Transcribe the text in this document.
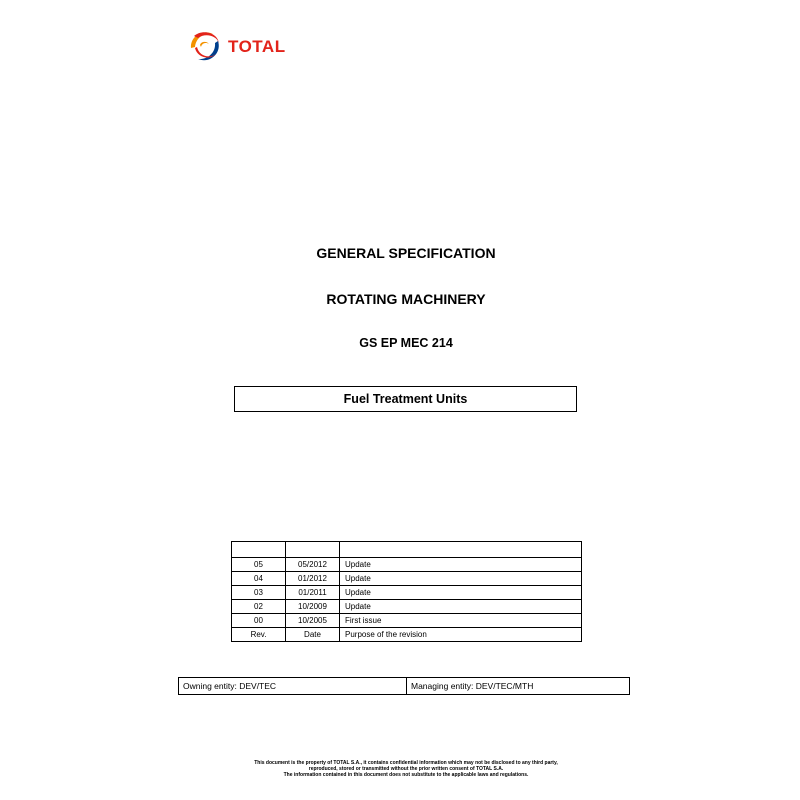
TOTAL
GENERAL SPECIFICATION
ROTATING MACHINERY
GS EP MEC 214
Fuel Treatment Units

05	05/2012	Update
04	01/2012	Update
03	01/2011	Update
02	10/2009	Update
00	10/2005	First issue
Rev.	Date	Purpose of the revision
Owning entity: DEV/TEC	Managing entity: DEV/TEC/MTH
This document is the property of TOTAL S.A., it contains confidential information which may not be disclosed to any third party,
reproduced, stored or transmitted without the prior written consent of TOTAL S.A.
The information contained in this document does not substitute to the applicable laws and regulations.
